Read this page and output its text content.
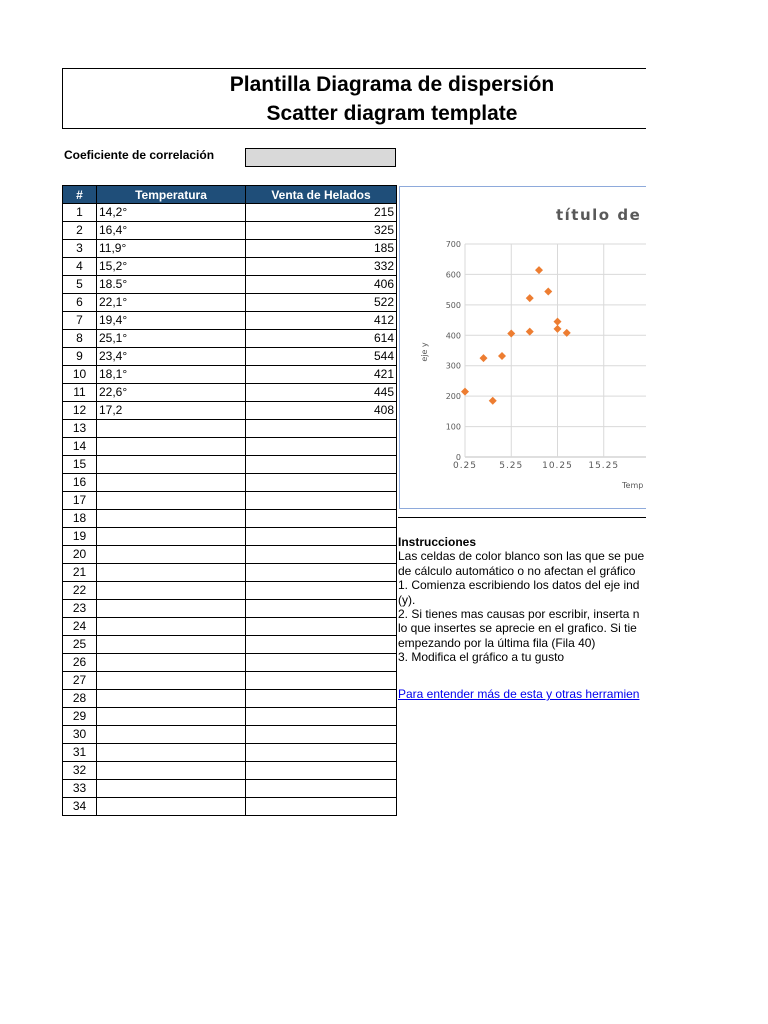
Plantilla Diagrama de dispersión
Scatter diagram template
Coeficiente de correlación
#	Temperatura	Venta de Helados
1	14,2°	215
2	16,4°	325
3	11,9°	185
4	15,2°	332
5	18.5°	406
6	22,1°	522
7	19,4°	412
8	25,1°	614
9	23,4°	544
10	18,1°	421
11	22,6°	445
12	17,2	408
13		
14		
15		
16		
17		
18		
19		
20		
21		
22		
23		
24		
25		
26		
27		
28		
29		
30		
31		
32		
33		
34		
título de
eje y
Temp
0
100
200
300
400
500
600
700
0.25 5.25 10.25 15.25
Instrucciones

Las celdas de color blanco son las que se pue

de cálculo automático o no afectan el gráfico

1. Comienza escribiendo los datos del eje ind

(y).

2. Si tienes mas causas por escribir, inserta n

lo que insertes se aprecie en el grafico. Si tie

empezando por la última fila (Fila 40)

3. Modifica el gráfico a tu gusto

Para entender más de esta y otras herramien
